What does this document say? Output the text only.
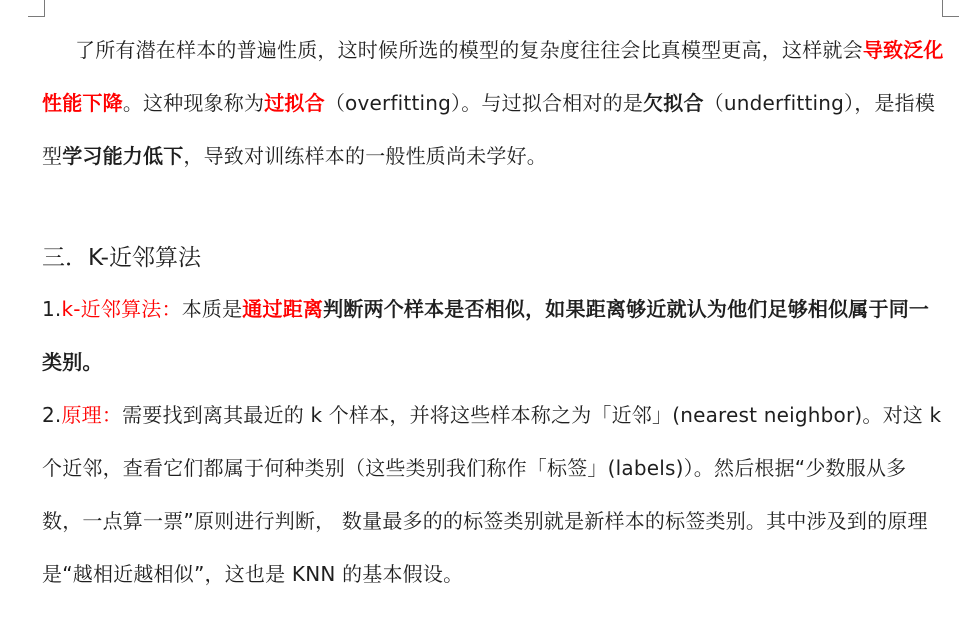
了所有潜在样本的普遍性质，这时候所选的模型的复杂度往往会比真模型更高，这样就会导致泛化性能下降。这种现象称为过拟合（overfitting）。与过拟合相对的是欠拟合（underfitting），是指模型学习能力低下，导致对训练样本的一般性质尚未学好。

三．K-近邻算法

1.k-近邻算法：本质是通过距离判断两个样本是否相似，如果距离够近就认为他们足够相似属于同一类别。

2.原理：需要找到离其最近的 k 个样本，并将这些样本称之为「近邻」(nearest neighbor)。对这 k 个近邻，查看它们都属于何种类别（这些类别我们称作「标签」(labels)）。然后根据“少数服从多数，一点算一票”原则进行判断， 数量最多的的标签类别就是新样本的标签类别。其中涉及到的原理是“越相近越相似”，这也是 KNN 的基本假设。
